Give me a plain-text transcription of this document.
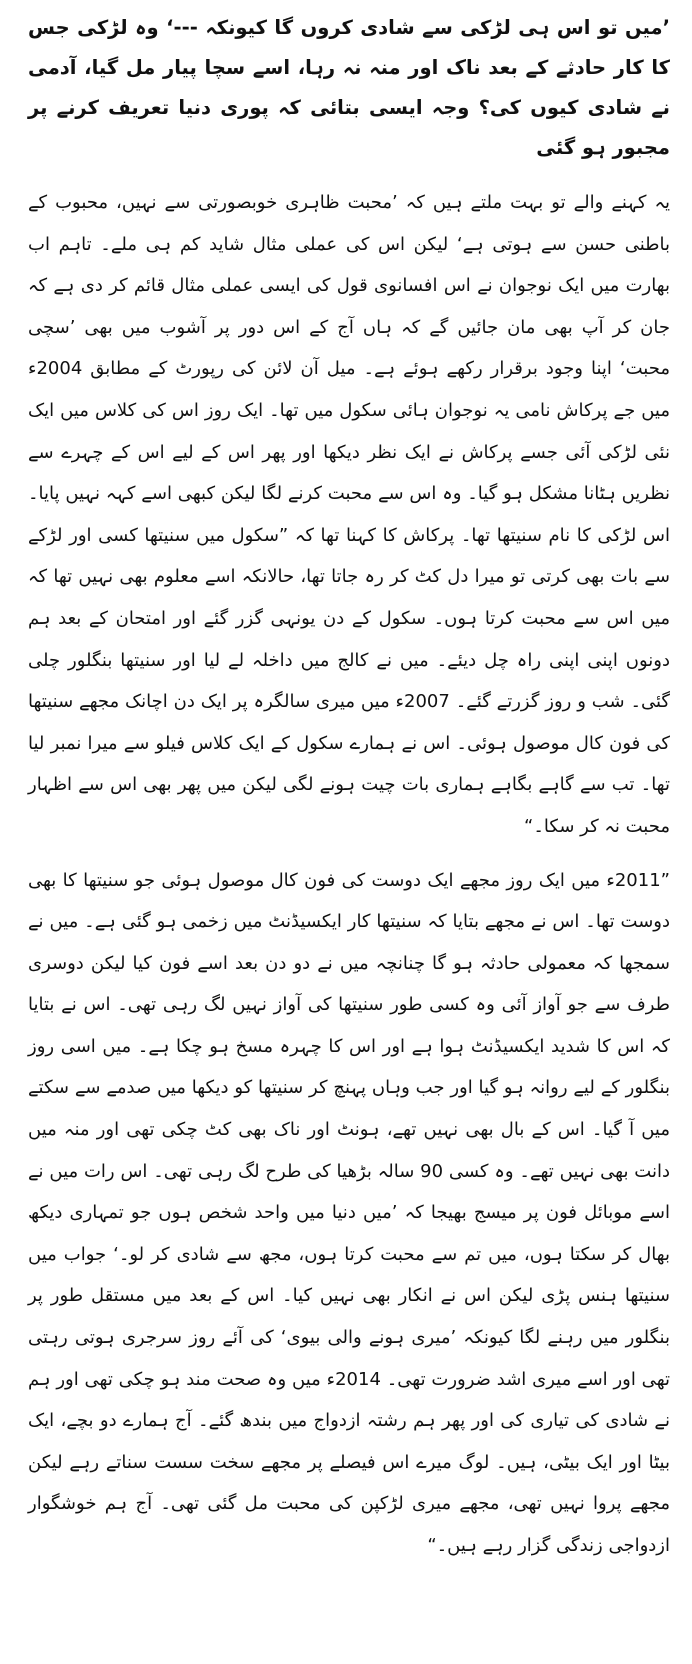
’میں تو اس ہی لڑکی سے شادی کروں گا کیونکہ ---‘ وہ لڑکی جس کا کار حادثے کے بعد ناک اور منہ نہ رہا، اسے سچا پیار مل گیا، آدمی نے شادی کیوں کی؟ وجہ ایسی بتائی کہ پوری دنیا تعریف کرنے پر مجبور ہو گئی

یہ کہنے والے تو بہت ملتے ہیں کہ ’محبت ظاہری خوبصورتی سے نہیں، محبوب کے باطنی حسن سے ہوتی ہے‘ لیکن اس کی عملی مثال شاید کم ہی ملے۔ تاہم اب بھارت میں ایک نوجوان نے اس افسانوی قول کی ایسی عملی مثال قائم کر دی ہے کہ جان کر آپ بھی مان جائیں گے کہ ہاں آج کے اس دور پر آشوب میں بھی ’سچی محبت‘ اپنا وجود برقرار رکھے ہوئے ہے۔ میل آن لائن کی رپورٹ کے مطابق 2004ء میں جے پرکاش نامی یہ نوجوان ہائی سکول میں تھا۔ ایک روز اس کی کلاس میں ایک نئی لڑکی آئی جسے پرکاش نے ایک نظر دیکھا اور پھر اس کے لیے اس کے چہرے سے نظریں ہٹانا مشکل ہو گیا۔ وہ اس سے محبت کرنے لگا لیکن کبھی اسے کہہ نہیں پایا۔ اس لڑکی کا نام سنیتھا تھا۔ پرکاش کا کہنا تھا کہ ”سکول میں سنیتھا کسی اور لڑکے سے بات بھی کرتی تو میرا دل کٹ کر رہ جاتا تھا، حالانکہ اسے معلوم بھی نہیں تھا کہ میں اس سے محبت کرتا ہوں۔ سکول کے دن یونہی گزر گئے اور امتحان کے بعد ہم دونوں اپنی اپنی راہ چل دیئے۔ میں نے کالج میں داخلہ لے لیا اور سنیتھا بنگلور چلی گئی۔ شب و روز گزرتے گئے۔ 2007ء میں میری سالگرہ پر ایک دن اچانک مجھے سنیتھا کی فون کال موصول ہوئی۔ اس نے ہمارے سکول کے ایک کلاس فیلو سے میرا نمبر لیا تھا۔ تب سے گاہے بگاہے ہماری بات چیت ہونے لگی لیکن میں پھر بھی اس سے اظہار محبت نہ کر سکا۔“

”2011ء میں ایک روز مجھے ایک دوست کی فون کال موصول ہوئی جو سنیتھا کا بھی دوست تھا۔ اس نے مجھے بتایا کہ سنیتھا کار ایکسیڈنٹ میں زخمی ہو گئی ہے۔ میں نے سمجھا کہ معمولی حادثہ ہو گا چنانچہ میں نے دو دن بعد اسے فون کیا لیکن دوسری طرف سے جو آواز آئی وہ کسی طور سنیتھا کی آواز نہیں لگ رہی تھی۔ اس نے بتایا کہ اس کا شدید ایکسیڈنٹ ہوا ہے اور اس کا چہرہ مسخ ہو چکا ہے۔ میں اسی روز بنگلور کے لیے روانہ ہو گیا اور جب وہاں پہنچ کر سنیتھا کو دیکھا میں صدمے سے سکتے میں آ گیا۔ اس کے بال بھی نہیں تھے، ہونٹ اور ناک بھی کٹ چکی تھی اور منہ میں دانت بھی نہیں تھے۔ وہ کسی 90 سالہ بڑھیا کی طرح لگ رہی تھی۔ اس رات میں نے اسے موبائل فون پر میسج بھیجا کہ ’میں دنیا میں واحد شخص ہوں جو تمہاری دیکھ بھال کر سکتا ہوں، میں تم سے محبت کرتا ہوں، مجھ سے شادی کر لو۔‘ جواب میں سنیتھا ہنس پڑی لیکن اس نے انکار بھی نہیں کیا۔ اس کے بعد میں مستقل طور پر بنگلور میں رہنے لگا کیونکہ ’میری ہونے والی بیوی‘ کی آئے روز سرجری ہوتی رہتی تھی اور اسے میری اشد ضرورت تھی۔ 2014ء میں وہ صحت مند ہو چکی تھی اور ہم نے شادی کی تیاری کی اور پھر ہم رشتہ ازدواج میں بندھ گئے۔ آج ہمارے دو بچے، ایک بیٹا اور ایک بیٹی، ہیں۔ لوگ میرے اس فیصلے پر مجھے سخت سست سناتے رہے لیکن مجھے پروا نہیں تھی، مجھے میری لڑکپن کی محبت مل گئی تھی۔ آج ہم خوشگوار ازدواجی زندگی گزار رہے ہیں۔“
